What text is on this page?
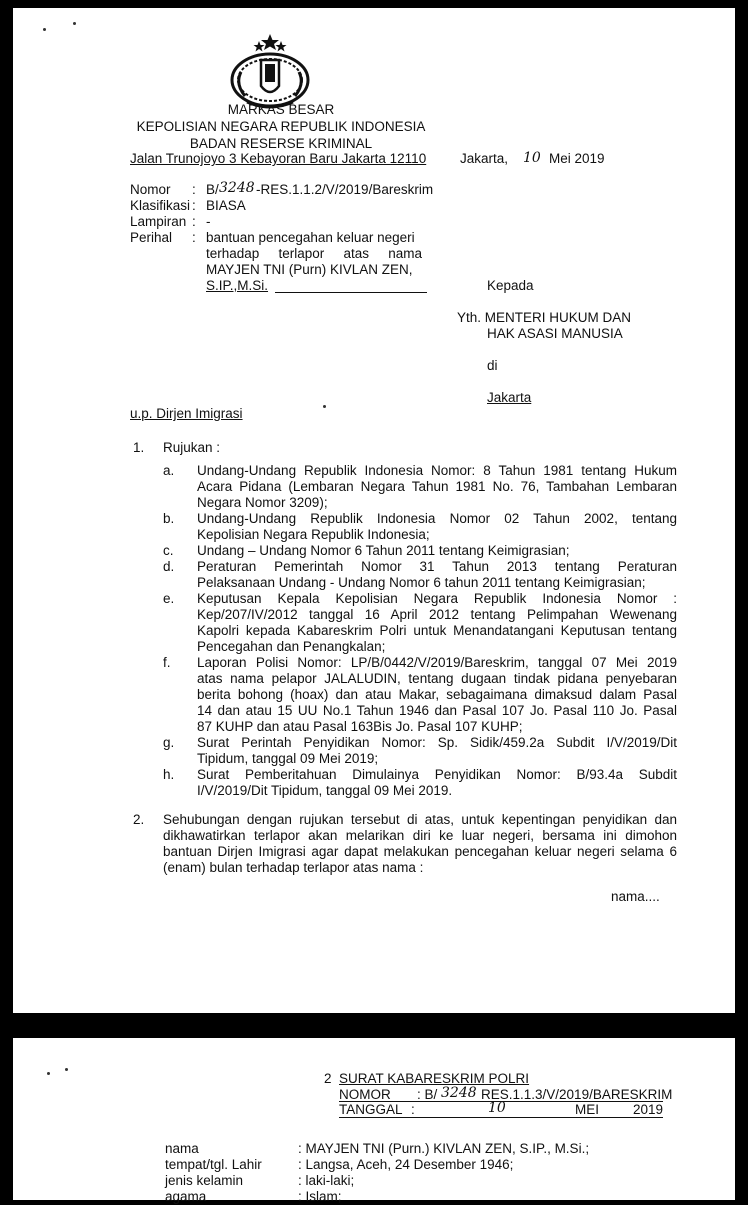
MARKAS BESAR
KEPOLISIAN NEGARA REPUBLIK INDONESIA
BADAN RESERSE KRIMINAL
Jalan Trunojoyo 3 Kebayoran Baru Jakarta 12110	Jakarta, 10 Mei 2019
Nomor : B/ 3248 -RES.1.1.2/V/2019/Bareskrim
Klasifikasi : BIASA
Lampiran : -
Perihal : bantuan pencegahan keluar negeri
terhadap terlapor atas nama
MAYJEN TNI (Purn) KIVLAN ZEN,
S.IP.,M.Si.	Kepada
Yth. MENTERI HUKUM DAN
HAK ASASI MANUSIA
di
Jakarta
u.p. Dirjen Imigrasi
1. Rujukan :
a. Undang-Undang Republik Indonesia Nomor: 8 Tahun 1981 tentang Hukum
Acara Pidana (Lembaran Negara Tahun 1981 No. 76, Tambahan Lembaran
Negara Nomor 3209);
b. Undang-Undang Republik Indonesia Nomor 02 Tahun 2002, tentang
Kepolisian Negara Republik Indonesia;
c. Undang – Undang Nomor 6 Tahun 2011 tentang Keimigrasian;
d. Peraturan Pemerintah Nomor 31 Tahun 2013 tentang Peraturan
Pelaksanaan Undang - Undang Nomor 6 tahun 2011 tentang Keimigrasian;
e. Keputusan Kepala Kepolisian Negara Republik Indonesia Nomor :
Kep/207/IV/2012 tanggal 16 April 2012 tentang Pelimpahan Wewenang
Kapolri kepada Kabareskrim Polri untuk Menandatangani Keputusan tentang
Pencegahan dan Penangkalan;
f. Laporan Polisi Nomor: LP/B/0442/V/2019/Bareskrim, tanggal 07 Mei 2019
atas nama pelapor JALALUDIN, tentang dugaan tindak pidana penyebaran
berita bohong (hoax) dan atau Makar, sebagaimana dimaksud dalam Pasal
14 dan atau 15 UU No.1 Tahun 1946 dan Pasal 107 Jo. Pasal 110 Jo. Pasal
87 KUHP dan atau Pasal 163Bis Jo. Pasal 107 KUHP;
g. Surat Perintah Penyidikan Nomor: Sp. Sidik/459.2a Subdit I/V/2019/Dit
Tipidum, tanggal 09 Mei 2019;
h. Surat Pemberitahuan Dimulainya Penyidikan Nomor: B/93.4a Subdit
I/V/2019/Dit Tipidum, tanggal 09 Mei 2019.
2. Sehubungan dengan rujukan tersebut di atas, untuk kepentingan penyidikan dan
dikhawatirkan terlapor akan melarikan diri ke luar negeri, bersama ini dimohon
bantuan Dirjen Imigrasi agar dapat melakukan pencegahan keluar negeri selama 6
(enam) bulan terhadap terlapor atas nama :
nama....
2 SURAT KABARESKRIM POLRI
NOMOR : B/ 3248 RES.1.1.3/V/2019/BARESKRIM
TANGGAL :	10	MEI	2019
nama	: MAYJEN TNI (Purn.) KIVLAN ZEN, S.IP., M.Si.;
tempat/tgl. Lahir	: Langsa, Aceh, 24 Desember 1946;
jenis kelamin	: laki-laki;
agama	: Islam;
